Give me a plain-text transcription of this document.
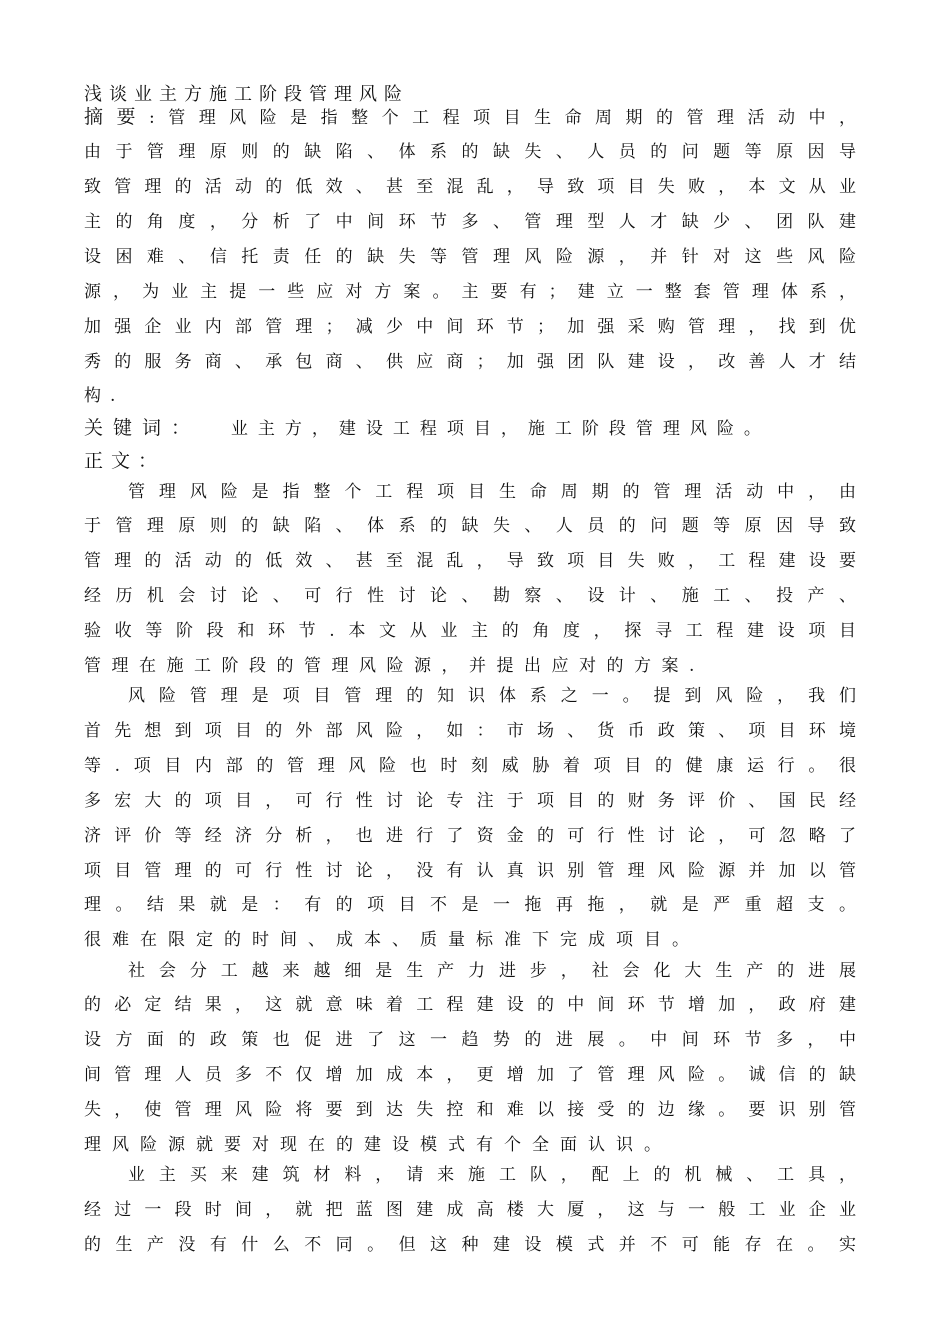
浅谈业主方施工阶段管理风险
摘要:管理风险是指整个工程项目生命周期的管理活动中，
由于管理原则的缺陷、体系的缺失、人员的问题等原因导
致管理的活动的低效、甚至混乱，导致项目失败，本文从业
主的角度，分析了中间环节多、管理型人才缺少、团队建
设困难、信托责任的缺失等管理风险源，并针对这些风险
源，为业主提一些应对方案。主要有；建立一整套管理体系，
加强企业内部管理；减少中间环节；加强采购管理，找到优
秀的服务商、承包商、供应商；加强团队建设，改善人才结
构.
关键词： 业主方，建设工程项目，施工阶段管理风险。
正文：
管理风险是指整个工程项目生命周期的管理活动中，由
于管理原则的缺陷、体系的缺失、人员的问题等原因导致
管理的活动的低效、甚至混乱，导致项目失败，工程建设要
经历机会讨论、可行性讨论、勘察、设计、施工、投产、
验收等阶段和环节.本文从业主的角度，探寻工程建设项目
管理在施工阶段的管理风险源，并提出应对的方案.
风险管理是项目管理的知识体系之一。提到风险，我们
首先想到项目的外部风险，如：市场、货币政策、项目环境
等.项目内部的管理风险也时刻威胁着项目的健康运行。很
多宏大的项目，可行性讨论专注于项目的财务评价、国民经
济评价等经济分析，也进行了资金的可行性讨论，可忽略了
项目管理的可行性讨论，没有认真识别管理风险源并加以管
理。结果就是：有的项目不是一拖再拖，就是严重超支。
很难在限定的时间、成本、质量标准下完成项目。
社会分工越来越细是生产力进步，社会化大生产的进展
的必定结果，这就意味着工程建设的中间环节增加，政府建
设方面的政策也促进了这一趋势的进展。中间环节多，中
间管理人员多不仅增加成本，更增加了管理风险。诚信的缺
失，使管理风险将要到达失控和难以接受的边缘。要识别管
理风险源就要对现在的建设模式有个全面认识。
业主买来建筑材料，请来施工队，配上的机械、工具，
经过一段时间，就把蓝图建成高楼大厦，这与一般工业企业
的生产没有什么不同。但这种建设模式并不可能存在。实
